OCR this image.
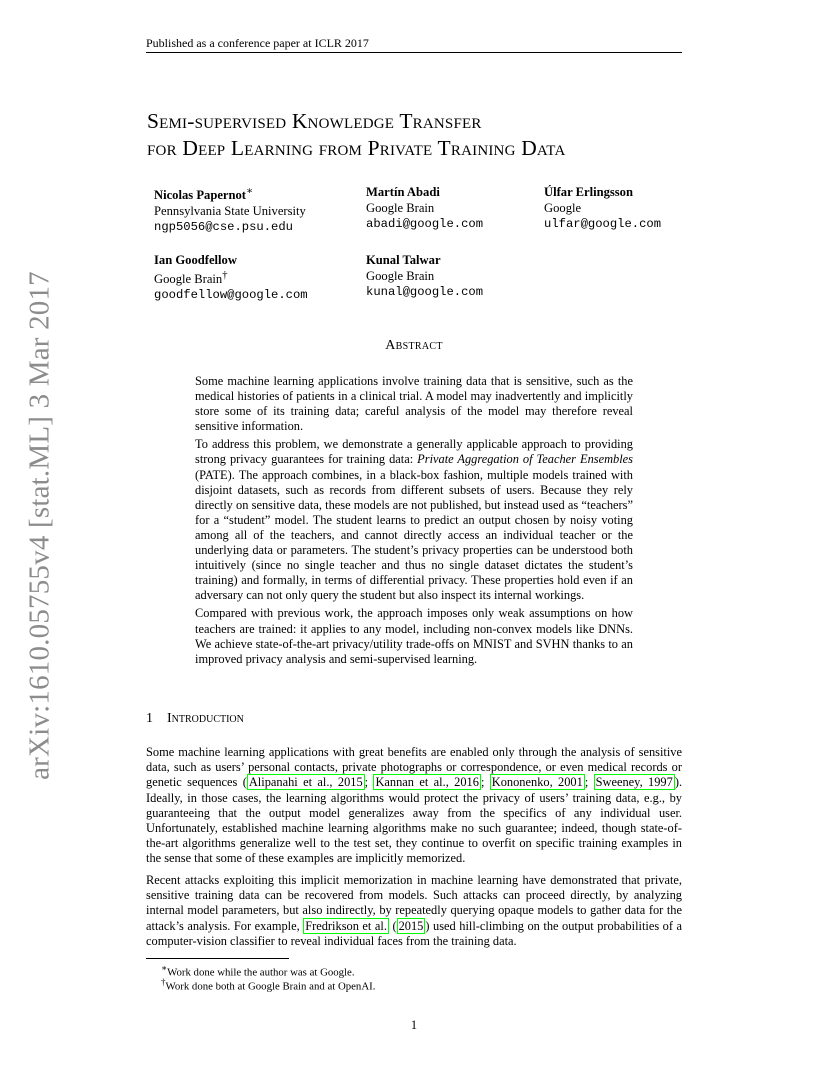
Published as a conference paper at ICLR 2017
arXiv:1610.05755v4 [stat.ML] 3 Mar 2017
Semi-supervised Knowledge Transfer
for Deep Learning from Private Training Data
Nicolas Papernot∗
Pennsylvania State University
ngp5056@cse.psu.edu
Martín Abadi
Google Brain
abadi@google.com
Úlfar Erlingsson
Google
ulfar@google.com
Ian Goodfellow
Google Brain†
goodfellow@google.com
Kunal Talwar
Google Brain
kunal@google.com
Abstract

Some machine learning applications involve training data that is sensitive, such as the medical histories of patients in a clinical trial. A model may inadvertently and implicitly store some of its training data; careful analysis of the model may therefore reveal sensitive information.

To address this problem, we demonstrate a generally applicable approach to providing strong privacy guarantees for training data: Private Aggregation of Teacher Ensembles (PATE). The approach combines, in a black-box fashion, multiple models trained with disjoint datasets, such as records from different subsets of users. Because they rely directly on sensitive data, these models are not published, but instead used as “teachers” for a “student” model. The student learns to predict an output chosen by noisy voting among all of the teachers, and cannot directly access an individual teacher or the underlying data or parameters. The student’s privacy properties can be understood both intuitively (since no single teacher and thus no single dataset dictates the student’s training) and formally, in terms of differential privacy. These properties hold even if an adversary can not only query the student but also inspect its internal workings.

Compared with previous work, the approach imposes only weak assumptions on how teachers are trained: it applies to any model, including non-convex models like DNNs. We achieve state-of-the-art privacy/utility trade-offs on MNIST and SVHN thanks to an improved privacy analysis and semi-supervised learning.

1 Introduction
Some machine learning applications with great benefits are enabled only through the analysis of sensitive data, such as users’ personal contacts, private photographs or correspondence, or even medical records or genetic sequences ( Alipanahi et al., 2015 ; Kannan et al., 2016 ; Kononenko, 2001 ; Sweeney, 1997 ). Ideally, in those cases, the learning algorithms would protect the privacy of users’ training data, e.g., by guaranteeing that the output model generalizes away from the specifics of any individual user. Unfortunately, established machine learning algorithms make no such guarantee; indeed, though state-of-the-art algorithms generalize well to the test set, they continue to overfit on specific training examples in the sense that some of these examples are implicitly memorized.
Recent attacks exploiting this implicit memorization in machine learning have demonstrated that private, sensitive training data can be recovered from models. Such attacks can proceed directly, by analyzing internal model parameters, but also indirectly, by repeatedly querying opaque models to gather data for the attack’s analysis. For example, Fredrikson et al. ( 2015 ) used hill-climbing on the output probabilities of a computer-vision classifier to reveal individual faces from the training data.
∗Work done while the author was at Google.
†Work done both at Google Brain and at OpenAI.
1
